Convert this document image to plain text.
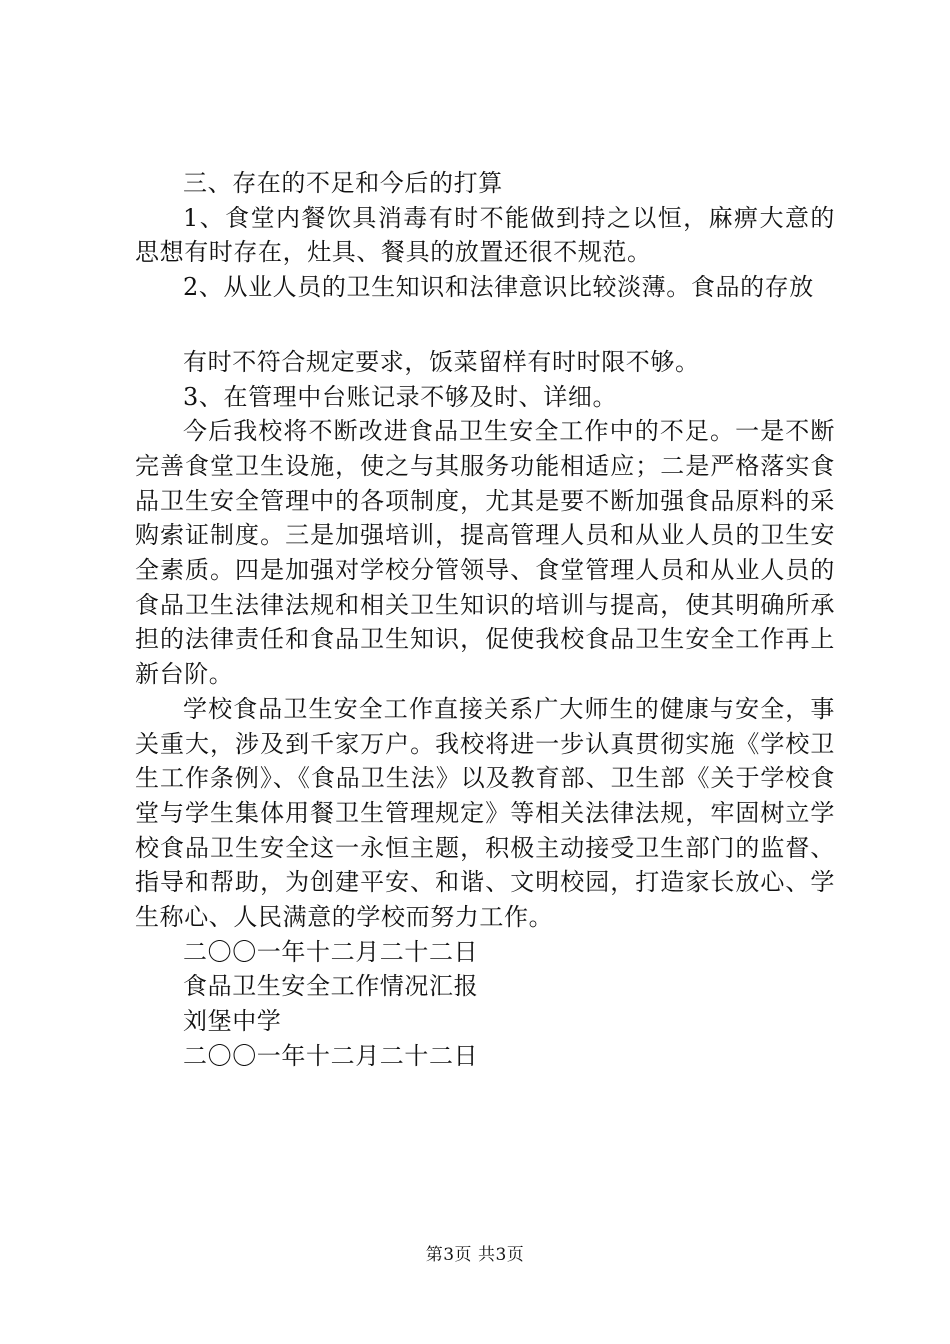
三、存在的不足和今后的打算

1、食堂内餐饮具消毒有时不能做到持之以恒，麻痹大意的思想有时存在，灶具、餐具的放置还很不规范。

2、从业人员的卫生知识和法律意识比较淡薄。食品的存放

有时不符合规定要求，饭菜留样有时时限不够。

3、在管理中台账记录不够及时、详细。

今后我校将不断改进食品卫生安全工作中的不足。一是不断完善食堂卫生设施，使之与其服务功能相适应；二是严格落实食品卫生安全管理中的各项制度，尤其是要不断加强食品原料的采购索证制度。三是加强培训，提高管理人员和从业人员的卫生安全素质。四是加强对学校分管领导、食堂管理人员和从业人员的食品卫生法律法规和相关卫生知识的培训与提高，使其明确所承担的法律责任和食品卫生知识，促使我校食品卫生安全工作再上新台阶。

学校食品卫生安全工作直接关系广大师生的健康与安全，事关重大，涉及到千家万户。我校将进一步认真贯彻实施《学校卫生工作条例》、《食品卫生法》以及教育部、卫生部《关于学校食堂与学生集体用餐卫生管理规定》等相关法律法规，牢固树立学校食品卫生安全这一永恒主题，积极主动接受卫生部门的监督、指导和帮助，为创建平安、和谐、文明校园，打造家长放心、学生称心、人民满意的学校而努力工作。

二〇〇一年十二月二十二日

食品卫生安全工作情况汇报

刘堡中学

二〇〇一年十二月二十二日

第3页 共3页
